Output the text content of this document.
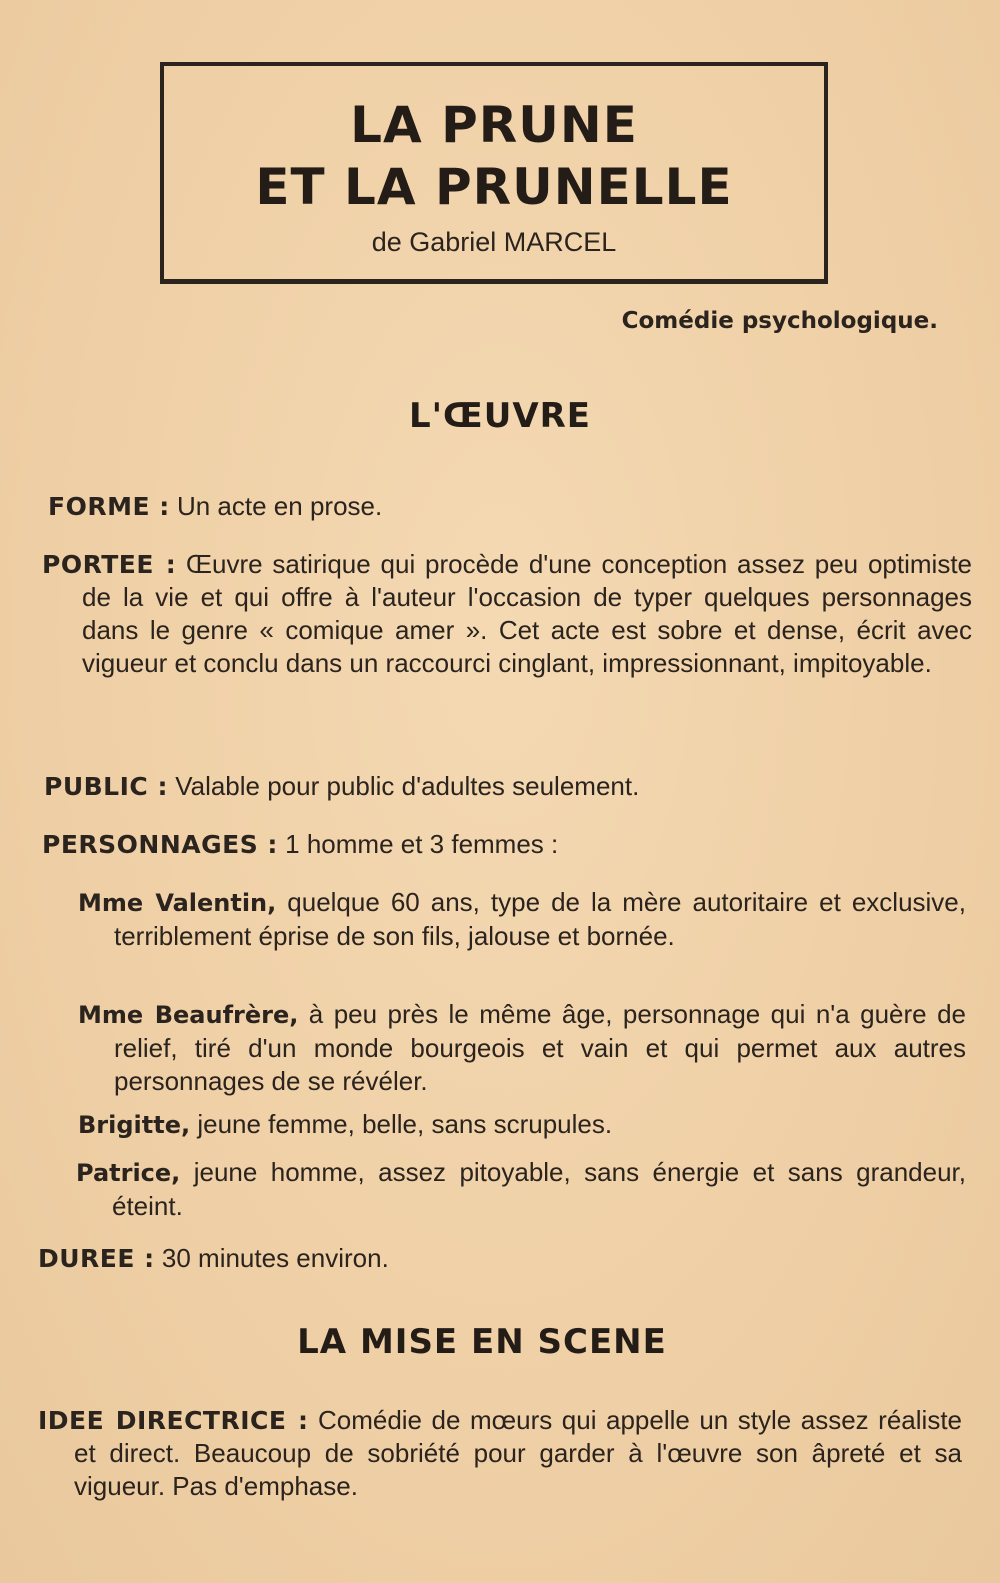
LA PRUNE
ET LA PRUNELLE
de Gabriel MARCEL
Comédie psychologique.
L'ŒUVRE
FORME : Un acte en prose.
PORTEE : Œuvre satirique qui procède d'une conception assez peu optimiste de la vie et qui offre à l'auteur l'occasion de typer quelques personnages dans le genre « comique amer ». Cet acte est sobre et dense, écrit avec vigueur et conclu dans un raccourci cinglant, impressionnant, impitoyable.
PUBLIC : Valable pour public d'adultes seulement.
PERSONNAGES : 1 homme et 3 femmes :
Mme Valentin, quelque 60 ans, type de la mère autoritaire et exclusive, terriblement éprise de son fils, jalouse et bornée.
Mme Beaufrère, à peu près le même âge, personnage qui n'a guère de relief, tiré d'un monde bourgeois et vain et qui permet aux autres personnages de se révéler.
Brigitte, jeune femme, belle, sans scrupules.
Patrice, jeune homme, assez pitoyable, sans énergie et sans grandeur, éteint.
DUREE : 30 minutes environ.
LA MISE EN SCENE
IDEE DIRECTRICE : Comédie de mœurs qui appelle un style assez réaliste et direct. Beaucoup de sobriété pour garder à l'œuvre son âpreté et sa vigueur. Pas d'emphase.
